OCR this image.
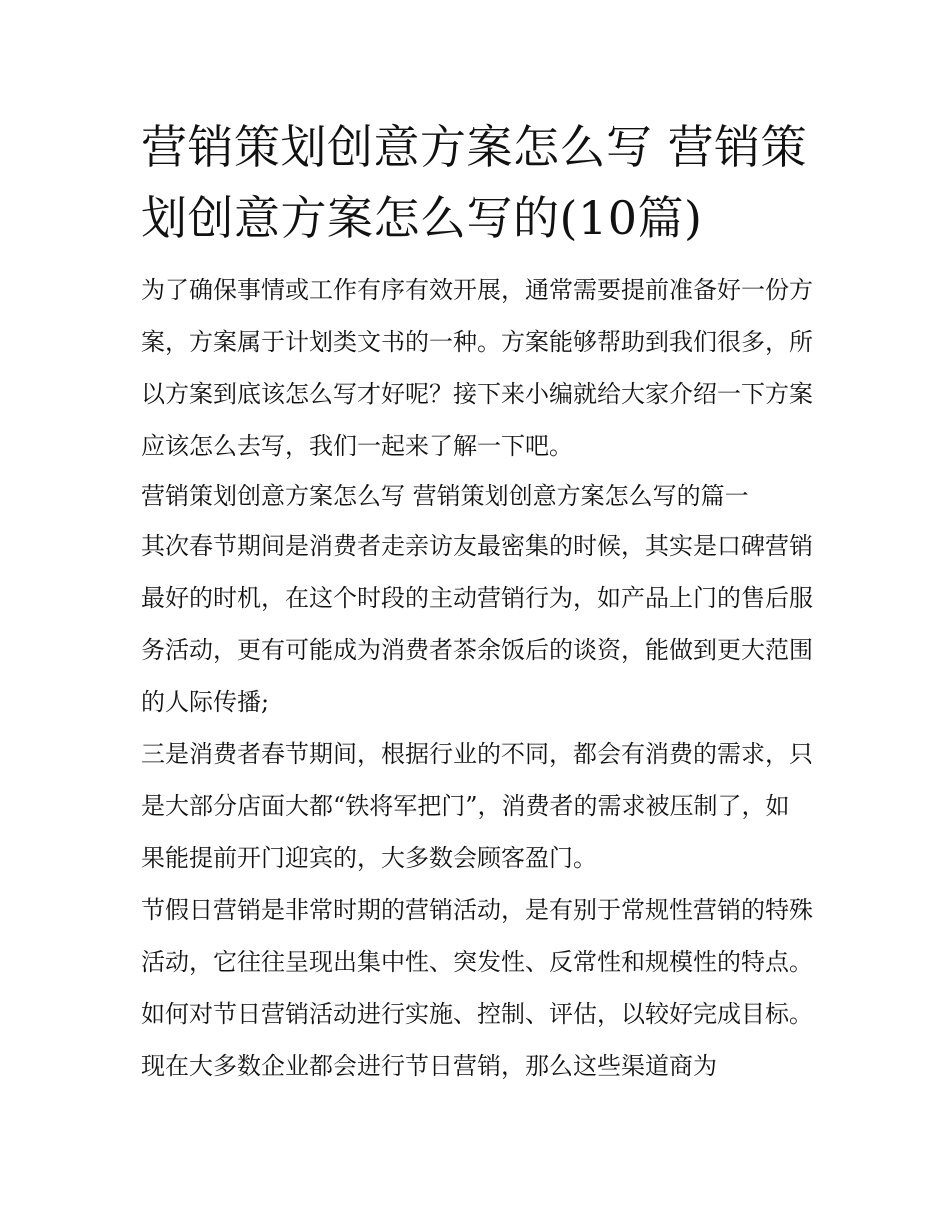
营销策划创意方案怎么写 营销策划创意方案怎么写的(10篇)

为了确保事情或工作有序有效开展，通常需要提前准备好一份方案，方案属于计划类文书的一种。方案能够帮助到我们很多，所以方案到底该怎么写才好呢？接下来小编就给大家介绍一下方案应该怎么去写，我们一起来了解一下吧。

营销策划创意方案怎么写 营销策划创意方案怎么写的篇一

其次春节期间是消费者走亲访友最密集的时候，其实是口碑营销最好的时机，在这个时段的主动营销行为，如产品上门的售后服务活动，更有可能成为消费者茶余饭后的谈资，能做到更大范围的人际传播;

三是消费者春节期间，根据行业的不同，都会有消费的需求，只是大部分店面大都“铁将军把门”，消费者的需求被压制了，如果能提前开门迎宾的，大多数会顾客盈门。

节假日营销是非常时期的营销活动，是有别于常规性营销的特殊活动，它往往呈现出集中性、突发性、反常性和规模性的特点。如何对节日营销活动进行实施、控制、评估，以较好完成目标。现在大多数企业都会进行节日营销，那么这些渠道商为
